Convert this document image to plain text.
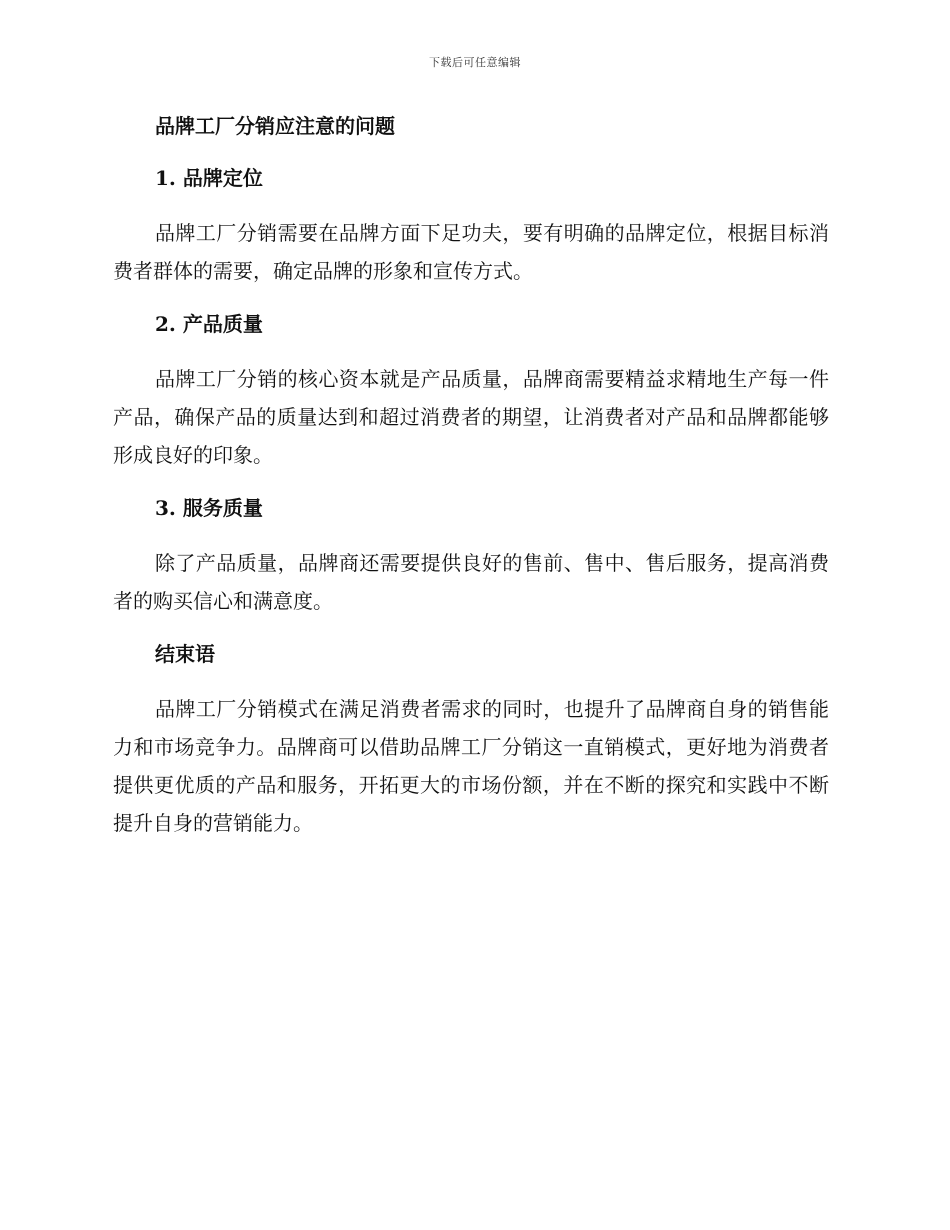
下载后可任意编辑
品牌工厂分销应注意的问题
1. 品牌定位

品牌工厂分销需要在品牌方面下足功夫，要有明确的品牌定位，根据目标消费者群体的需要，确定品牌的形象和宣传方式。

2. 产品质量

品牌工厂分销的核心资本就是产品质量，品牌商需要精益求精地生产每一件产品，确保产品的质量达到和超过消费者的期望，让消费者对产品和品牌都能够形成良好的印象。

3. 服务质量

除了产品质量，品牌商还需要提供良好的售前、售中、售后服务，提高消费者的购买信心和满意度。

结束语

品牌工厂分销模式在满足消费者需求的同时，也提升了品牌商自身的销售能力和市场竞争力。品牌商可以借助品牌工厂分销这一直销模式，更好地为消费者提供更优质的产品和服务，开拓更大的市场份额，并在不断的探究和实践中不断提升自身的营销能力。
